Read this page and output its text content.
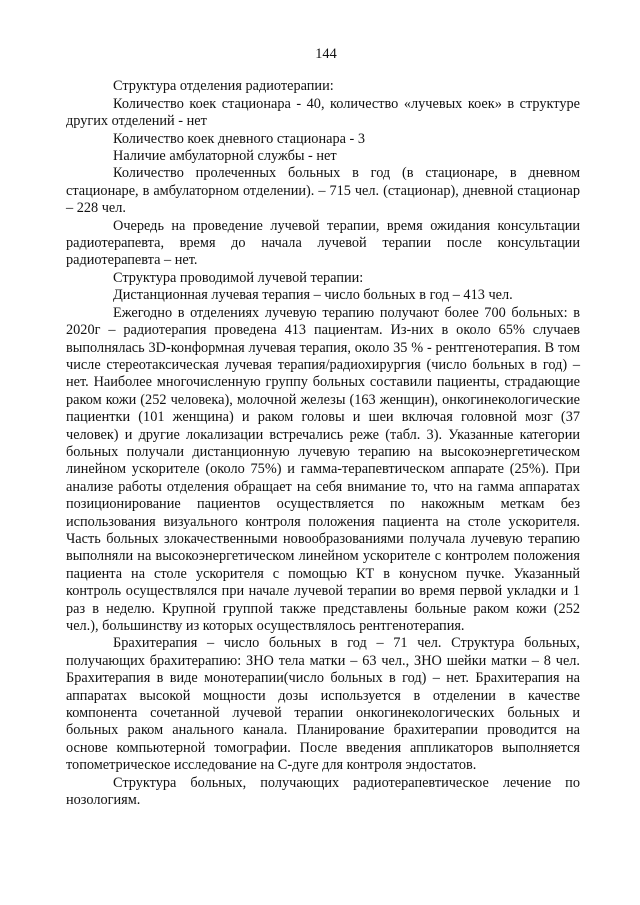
144

Структура отделения радиотерапии:

Количество коек стационара - 40, количество «лучевых коек» в структуре других отделений - нет

Количество коек дневного стационара - 3

Наличие амбулаторной службы - нет

Количество пролеченных больных в год (в стационаре, в дневном стационаре, в амбулаторном отделении). – 715 чел. (стационар), дневной стационар – 228 чел.

Очередь на проведение лучевой терапии, время ожидания консультации радиотерапевта, время до начала лучевой терапии после консультации радиотерапевта – нет.

Структура проводимой лучевой терапии:

Дистанционная лучевая терапия – число больных в год – 413 чел.

Ежегодно в отделениях лучевую терапию получают более 700 больных: в 2020г – радиотерапия проведена 413 пациентам. Из-них в около 65% случаев выполнялась 3D-конформная лучевая терапия, около 35 % - рентгенотерапия. В том числе стереотаксическая лучевая терапия/радиохирургия (число больных в год) – нет. Наиболее многочисленную группу больных составили пациенты, страдающие раком кожи (252 человека), молочной железы (163 женщин), онкогинекологические пациентки (101 женщина) и раком головы и шеи включая головной мозг (37 человек) и другие локализации встречались реже (табл. 3). Указанные категории больных получали дистанционную лучевую терапию на высокоэнергетическом линейном ускорителе (около 75%) и гамма-терапевтическом аппарате (25%). При анализе работы отделения обращает на себя внимание то, что на гамма аппаратах позиционирование пациентов осуществляется по накожным меткам без использования визуального контроля положения пациента на столе ускорителя. Часть больных злокачественными новообразованиями получала лучевую терапию выполняли на высокоэнергетическом линейном ускорителе с контролем положения пациента на столе ускорителя с помощью КТ в конусном пучке. Указанный контроль осуществлялся при начале лучевой терапии во время первой укладки и 1 раз в неделю. Крупной группой также представлены больные раком кожи (252 чел.), большинству из которых осуществлялось рентгенотерапия.

Брахитерапия – число больных в год – 71 чел. Структура больных, получающих брахитерапию: ЗНО тела матки – 63 чел., ЗНО шейки матки – 8 чел. Брахитерапия в виде монотерапии(число больных в год) – нет. Брахитерапия на аппаратах высокой мощности дозы используется в отделении в качестве компонента сочетанной лучевой терапии онкогинекологических больных и больных раком анального канала. Планирование брахитерапии проводится на основе компьютерной томографии. После введения аппликаторов выполняется топометрическое исследование на С-дуге для контроля эндостатов.

Структура больных, получающих радиотерапевтическое лечение по нозологиям.
